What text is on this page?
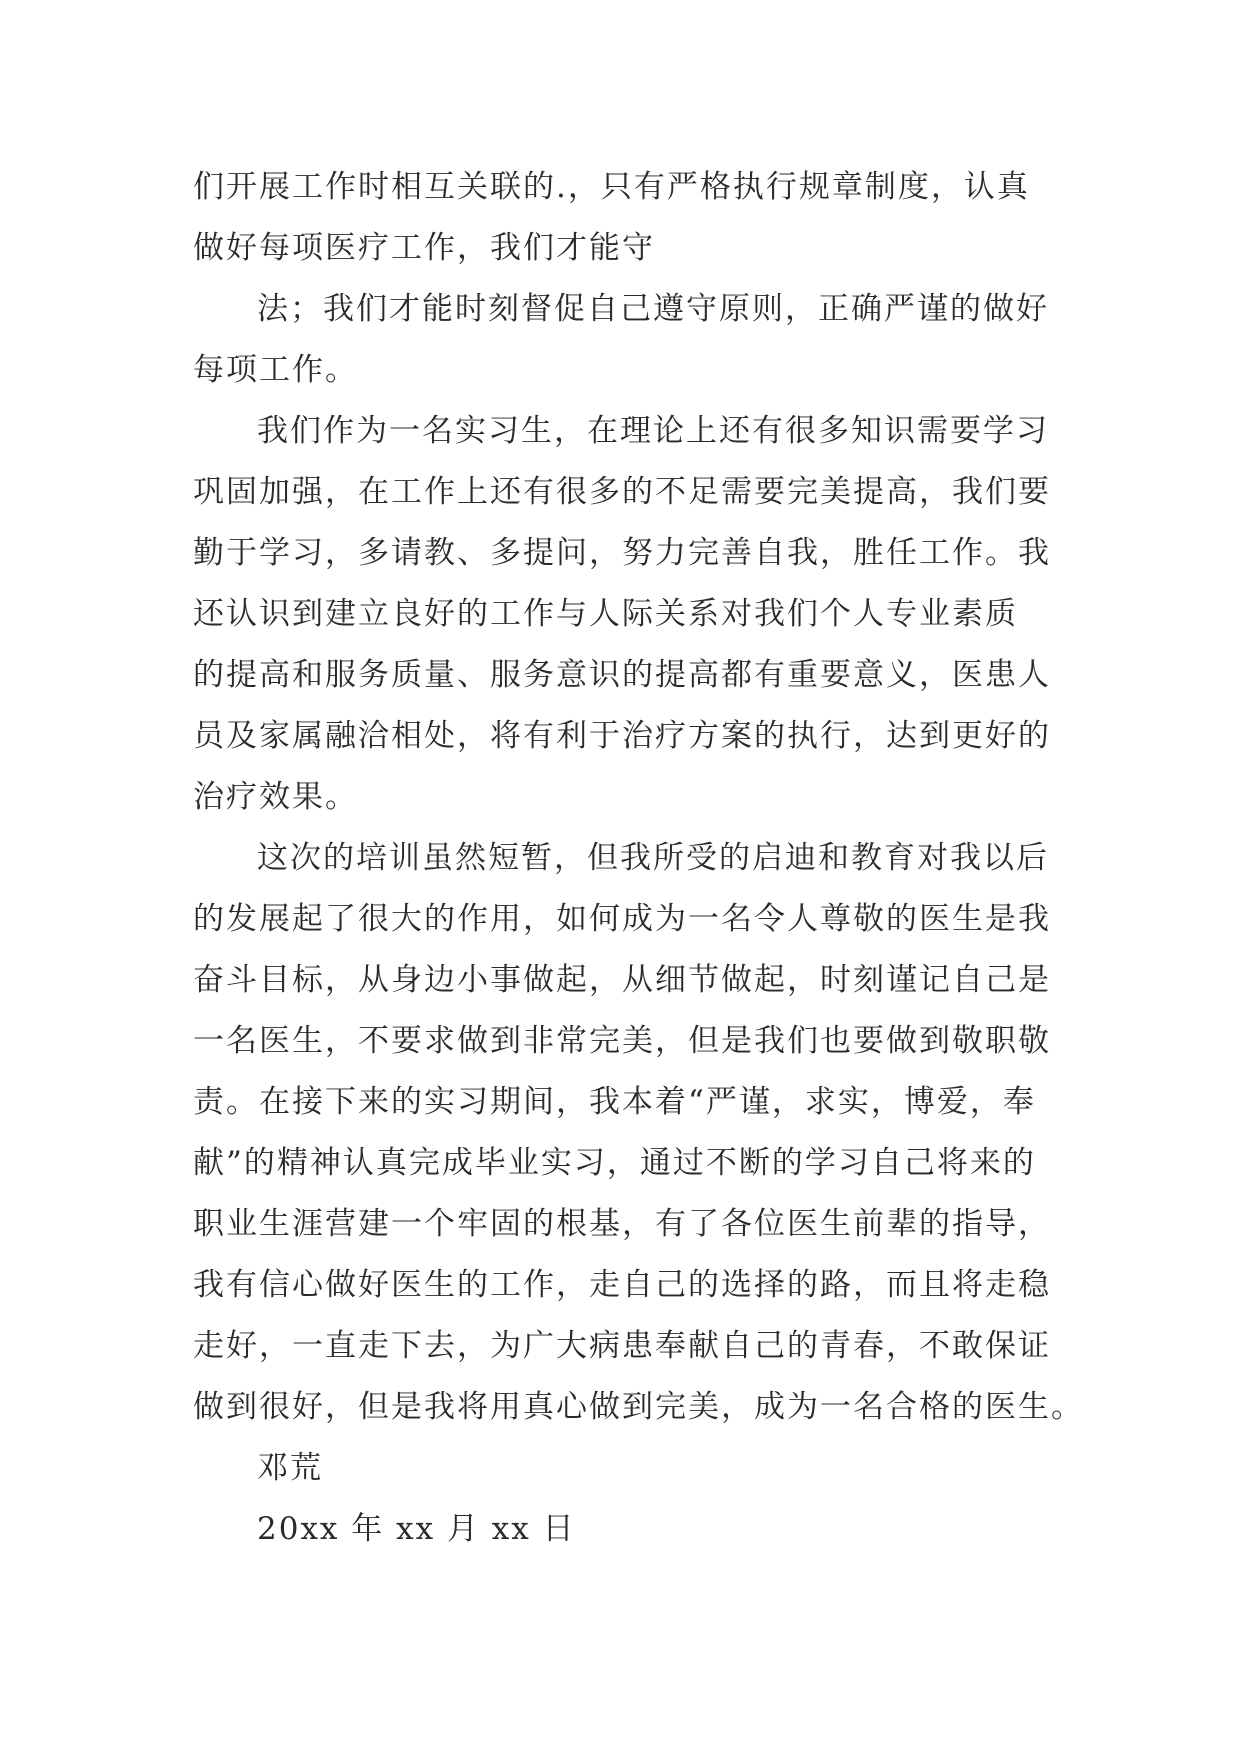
们开展工作时相互关联的.，只有严格执行规章制度，认真
做好每项医疗工作，我们才能守
法；我们才能时刻督促自己遵守原则，正确严谨的做好
每项工作。
我们作为一名实习生，在理论上还有很多知识需要学习
巩固加强，在工作上还有很多的不足需要完美提高，我们要
勤于学习，多请教、多提问，努力完善自我，胜任工作。我
还认识到建立良好的工作与人际关系对我们个人专业素质
的提高和服务质量、服务意识的提高都有重要意义，医患人
员及家属融洽相处，将有利于治疗方案的执行，达到更好的
治疗效果。
这次的培训虽然短暂，但我所受的启迪和教育对我以后
的发展起了很大的作用，如何成为一名令人尊敬的医生是我
奋斗目标，从身边小事做起，从细节做起，时刻谨记自己是
一名医生，不要求做到非常完美，但是我们也要做到敬职敬
责。在接下来的实习期间，我本着“严谨，求实，博爱，奉
献”的精神认真完成毕业实习，通过不断的学习自己将来的
职业生涯营建一个牢固的根基，有了各位医生前辈的指导，
我有信心做好医生的工作，走自己的选择的路，而且将走稳
走好，一直走下去，为广大病患奉献自己的青春，不敢保证
做到很好，但是我将用真心做到完美，成为一名合格的医生。
邓荒
20xx 年 xx 月 xx 日
